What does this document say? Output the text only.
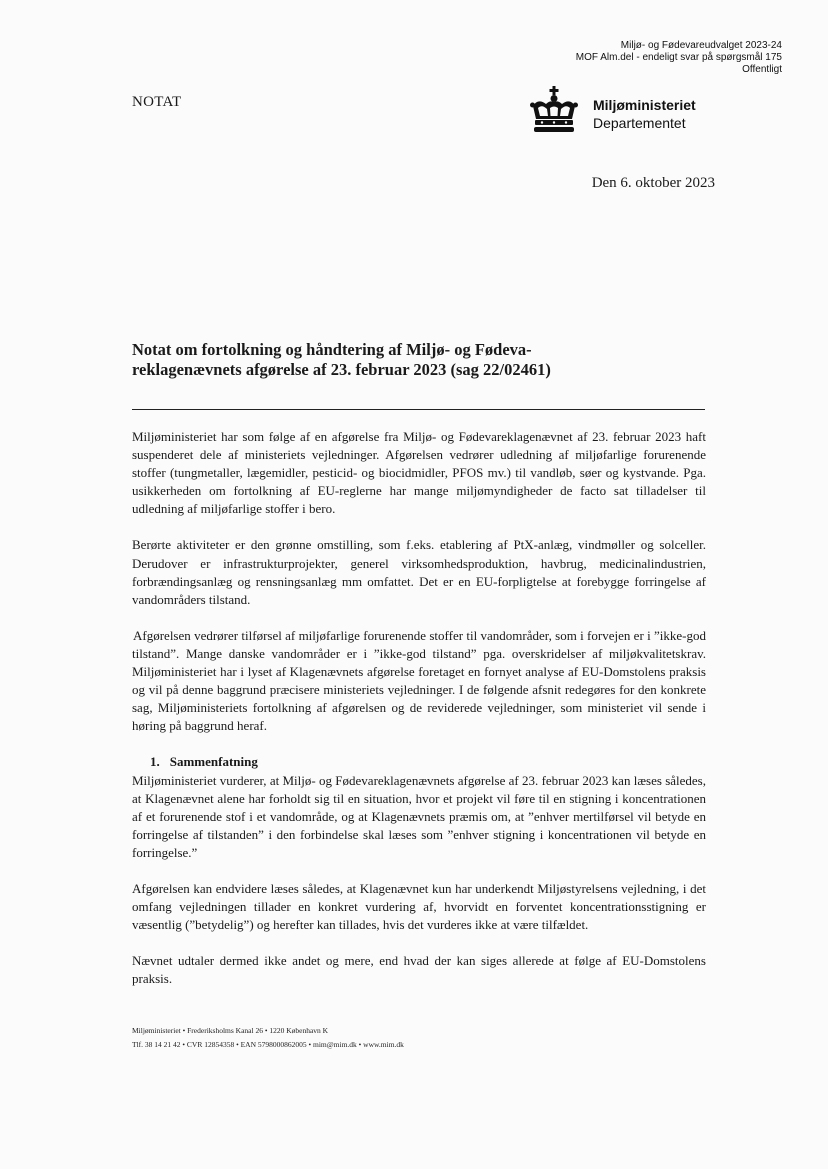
Miljø- og Fødevareudvalget 2023-24
MOF Alm.del - endeligt svar på spørgsmål 175
Offentligt
NOTAT	Miljøministeriet
Departementet
Den 6. oktober 2023
Notat om fortolkning og håndtering af Miljø- og Fødeva-reklagenævnets afgørelse af 23. februar 2023 (sag 22/02461)

Miljøministeriet har som følge af en afgørelse fra Miljø- og Fødevareklagenævnet af 23. februar 2023 haft suspenderet dele af ministeriets vejledninger. Afgørelsen vedrører udledning af miljøfarlige forurenende stoffer (tungmetaller, lægemidler, pesticid- og biocidmidler, PFOS mv.) til vandløb, søer og kystvande. Pga. usikkerheden om fortolkning af EU-reglerne har mange miljømyndigheder de facto sat tilladelser til udledning af miljøfarlige stoffer i bero.

Berørte aktiviteter er den grønne omstilling, som f.eks. etablering af PtX-anlæg, vindmøller og solceller. Derudover er infrastrukturprojekter, generel virksomhedsproduktion, havbrug, medicinalindustrien, forbrændingsanlæg og rensningsanlæg mm omfattet. Det er en EU-forpligtelse at forebygge forringelse af vandområders tilstand.

Afgørelsen vedrører tilførsel af miljøfarlige forurenende stoffer til vandområder, som i forvejen er i ”ikke-god tilstand”. Mange danske vandområder er i ”ikke-god tilstand” pga. overskridelser af miljøkvalitetskrav. Miljøministeriet har i lyset af Klagenævnets afgørelse foretaget en fornyet analyse af EU-Domstolens praksis og vil på denne baggrund præcisere ministeriets vejledninger. I de følgende afsnit redegøres for den konkrete sag, Miljøministeriets fortolkning af afgørelsen og de reviderede vejledninger, som ministeriet vil sende i høring på baggrund heraf.

1. Sammenfatning

Miljøministeriet vurderer, at Miljø- og Fødevareklagenævnets afgørelse af 23. februar 2023 kan læses således, at Klagenævnet alene har forholdt sig til en situation, hvor et projekt vil føre til en stigning i koncentrationen af et forurenende stof i et vandområde, og at Klagenævnets præmis om, at ”enhver mertilførsel vil betyde en forringelse af tilstanden” i den forbindelse skal læses som ”enhver stigning i koncentrationen vil betyde en forringelse.”

Afgørelsen kan endvidere læses således, at Klagenævnet kun har underkendt Miljøstyrelsens vejledning, i det omfang vejledningen tillader en konkret vurdering af, hvorvidt en forventet koncentrationsstigning er væsentlig (”betydelig”) og herefter kan tillades, hvis det vurderes ikke at være tilfældet.

Nævnet udtaler dermed ikke andet og mere, end hvad der kan siges allerede at følge af EU-Domstolens praksis.

Miljøministeriet • Frederiksholms Kanal 26 • 1220 København K
Tlf. 38 14 21 42 • CVR 12854358 • EAN 5798000862005 • mim@mim.dk • www.mim.dk
